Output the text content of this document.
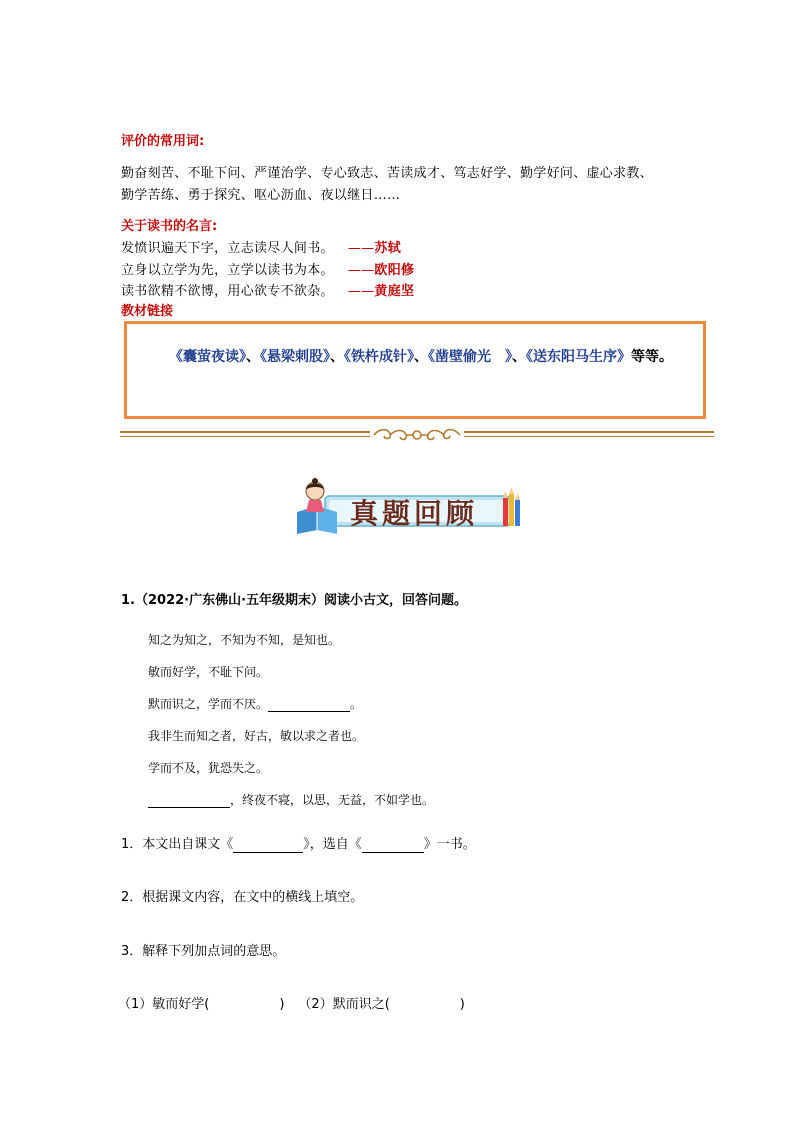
评价的常用词:
勤奋刻苦、不耻下问、严谨治学、专心致志、苦读成才、笃志好学、勤学好问、虚心求教、
勤学苦练、勇于探究、呕心沥血、夜以继日……
关于读书的名言:
发愤识遍天下字，立志读尽人间书。 ——苏轼
立身以立学为先，立学以读书为本。 ——欧阳修
读书欲精不欲博，用心欲专不欲杂。 ——黄庭坚
教材链接
《囊萤夜读》、《悬梁刺股》、《铁杵成针》、《凿壁偷光　》、《送东阳马生序》等等。
真题回顾
1.（2022·广东佛山·五年级期末）阅读小古文，回答问题。
知之为知之，不知为不知，是知也。
敏而好学，不耻下问。
默而识之，学而不厌。	。
我非生而知之者，好古，敏以求之者也。
学而不及，犹恐失之。
，终夜不寝，以思，无益，不如学也。
1．本文出自课文《	》，选自《	》一书。
2．根据课文内容，在文中的横线上填空。
3．解释下列加点词的意思。
（1）敏而好学(	) （2）默而识之(	)
